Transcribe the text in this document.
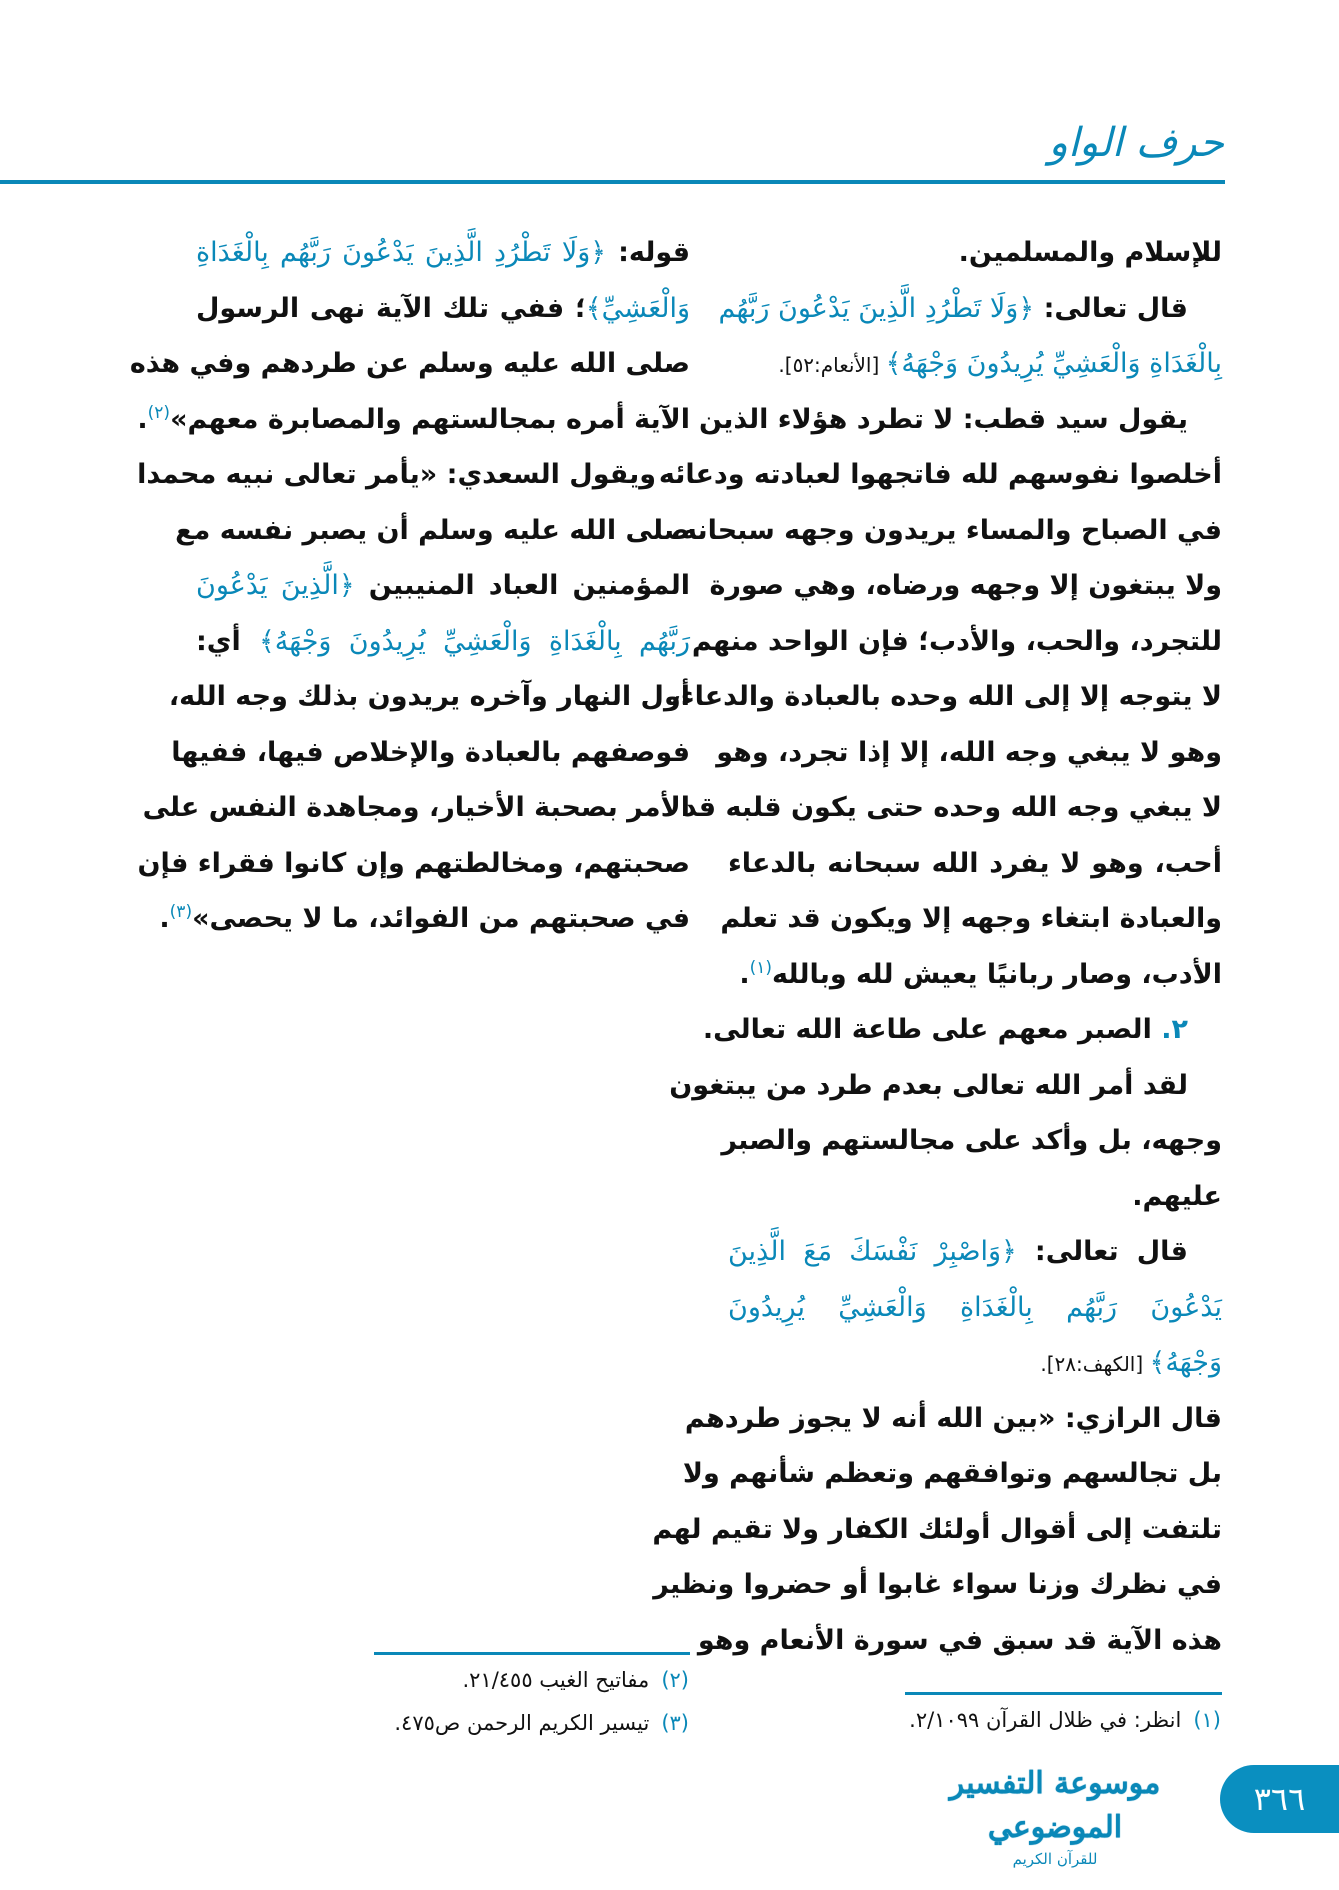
حرف الواو
للإسلام والمسلمين.
قال تعالى: ﴿وَلَا تَطْرُدِ الَّذِينَ يَدْعُونَ رَبَّهُم
بِالْغَدَاةِ وَالْعَشِيِّ يُرِيدُونَ وَجْهَهُ﴾ [الأنعام:٥٢].
يقول سيد قطب: لا تطرد هؤلاء الذين
أخلصوا نفوسهم لله فاتجهوا لعبادته ودعائه
في الصباح والمساء يريدون وجهه سبحانه،
ولا يبتغون إلا وجهه ورضاه، وهي صورة
للتجرد، والحب، والأدب؛ فإن الواحد منهم
لا يتوجه إلا إلى الله وحده بالعبادة والدعاء،
وهو لا يبغي وجه الله، إلا إذا تجرد، وهو
لا يبغي وجه الله وحده حتى يكون قلبه قد
أحب، وهو لا يفرد الله سبحانه بالدعاء
والعبادة ابتغاء وجهه إلا ويكون قد تعلم
الأدب، وصار ربانيًا يعيش لله وبالله$^{(١)}$.
٢. الصبر معهم على طاعة الله تعالى.
لقد أمر الله تعالى بعدم طرد من يبتغون
وجهه، بل وأكد على مجالستهم والصبر
عليهم.
قال تعالى: ﴿وَاصْبِرْ نَفْسَكَ مَعَ الَّذِينَ
يَدْعُونَ رَبَّهُم بِالْغَدَاةِ وَالْعَشِيِّ يُرِيدُونَ
وَجْهَهُ﴾ [الكهف:٢٨].
قال الرازي: «بين الله أنه لا يجوز طردهم
بل تجالسهم وتوافقهم وتعظم شأنهم ولا
تلتفت إلى أقوال أولئك الكفار ولا تقيم لهم
في نظرك وزنا سواء غابوا أو حضروا ونظير
هذه الآية قد سبق في سورة الأنعام وهو
قوله: ﴿وَلَا تَطْرُدِ الَّذِينَ يَدْعُونَ رَبَّهُم بِالْغَدَاةِ
وَالْعَشِيِّ﴾؛ ففي تلك الآية نهى الرسول
صلى الله عليه وسلم عن طردهم وفي هذه
الآية أمره بمجالستهم والمصابرة معهم»$^{(٢)}$.
ويقول السعدي: «يأمر تعالى نبيه محمدا
صلى الله عليه وسلم أن يصبر نفسه مع
المؤمنين العباد المنيبين ﴿الَّذِينَ يَدْعُونَ
رَبَّهُم بِالْغَدَاةِ وَالْعَشِيِّ يُرِيدُونَ وَجْهَهُ﴾ أي:
أول النهار وآخره يريدون بذلك وجه الله،
فوصفهم بالعبادة والإخلاص فيها، ففيها
الأمر بصحبة الأخيار، ومجاهدة النفس على
صحبتهم، ومخالطتهم وإن كانوا فقراء فإن
في صحبتهم من الفوائد، ما لا يحصى»$^{(٣)}$.
(١)انظر: في ظلال القرآن ٢/١٠٩٩.
(٢)مفاتيح الغيب ٢١/٤٥٥.
(٣)تيسير الكريم الرحمن ص٤٧٥.
موسوعة التفسير الموضوعي
للقرآن الكريم
٣٦٦
